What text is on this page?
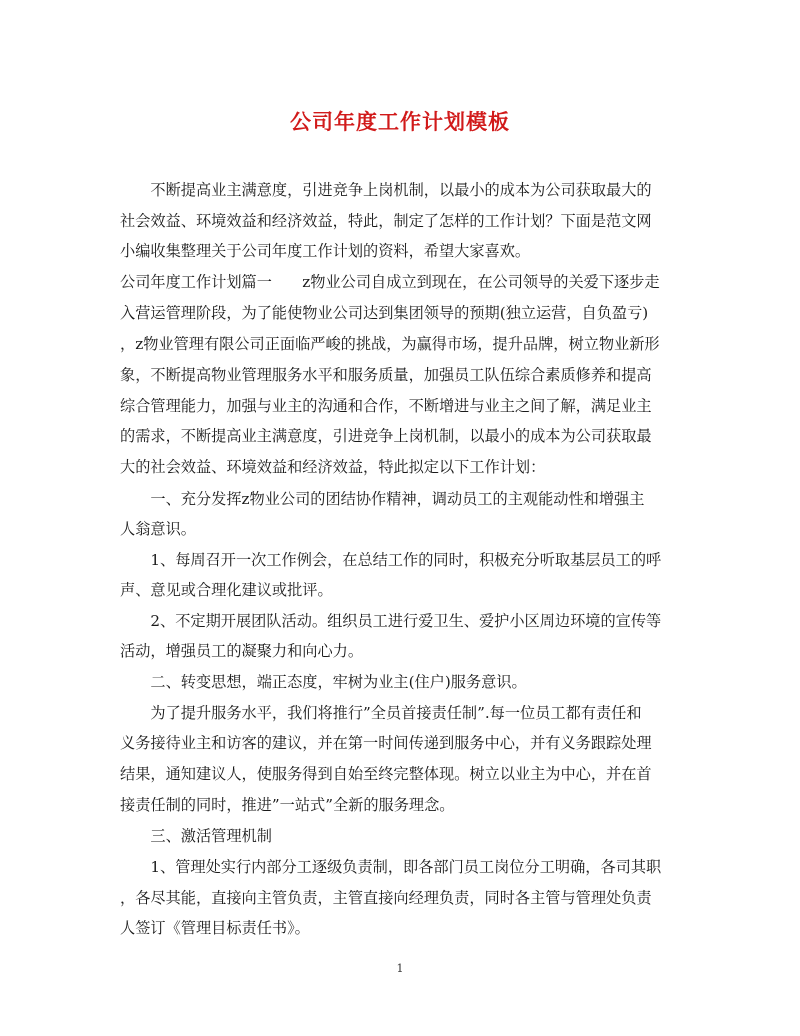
公司年度工作计划模板
　　不断提高业主满意度，引进竞争上岗机制，以最小的成本为公司获取最大的
社会效益、环境效益和经济效益，特此，制定了怎样的工作计划？下面是范文网
小编收集整理关于公司年度工作计划的资料，希望大家喜欢。
公司年度工作计划篇一　　z物业公司自成立到现在，在公司领导的关爱下逐步走
入营运管理阶段，为了能使物业公司达到集团领导的预期(独立运营，自负盈亏)
，z物业管理有限公司正面临严峻的挑战，为赢得市场，提升品牌，树立物业新形
象，不断提高物业管理服务水平和服务质量，加强员工队伍综合素质修养和提高
综合管理能力，加强与业主的沟通和合作，不断增进与业主之间了解，满足业主
的需求，不断提高业主满意度，引进竞争上岗机制，以最小的成本为公司获取最
大的社会效益、环境效益和经济效益，特此拟定以下工作计划：
　　一、充分发挥z物业公司的团结协作精神，调动员工的主观能动性和增强主
人翁意识。
　　1、每周召开一次工作例会，在总结工作的同时，积极充分听取基层员工的呼
声、意见或合理化建议或批评。
　　2、不定期开展团队活动。组织员工进行爱卫生、爱护小区周边环境的宣传等
活动，增强员工的凝聚力和向心力。
　　二、转变思想，端正态度，牢树为业主(住户)服务意识。
　　为了提升服务水平，我们将推行”全员首接责任制”.每一位员工都有责任和
义务接待业主和访客的建议，并在第一时间传递到服务中心，并有义务跟踪处理
结果，通知建议人，使服务得到自始至终完整体现。树立以业主为中心，并在首
接责任制的同时，推进”一站式”全新的服务理念。
　　三、激活管理机制
　　1、管理处实行内部分工逐级负责制，即各部门员工岗位分工明确，各司其职
，各尽其能，直接向主管负责，主管直接向经理负责，同时各主管与管理处负责
人签订《管理目标责任书》。
1
